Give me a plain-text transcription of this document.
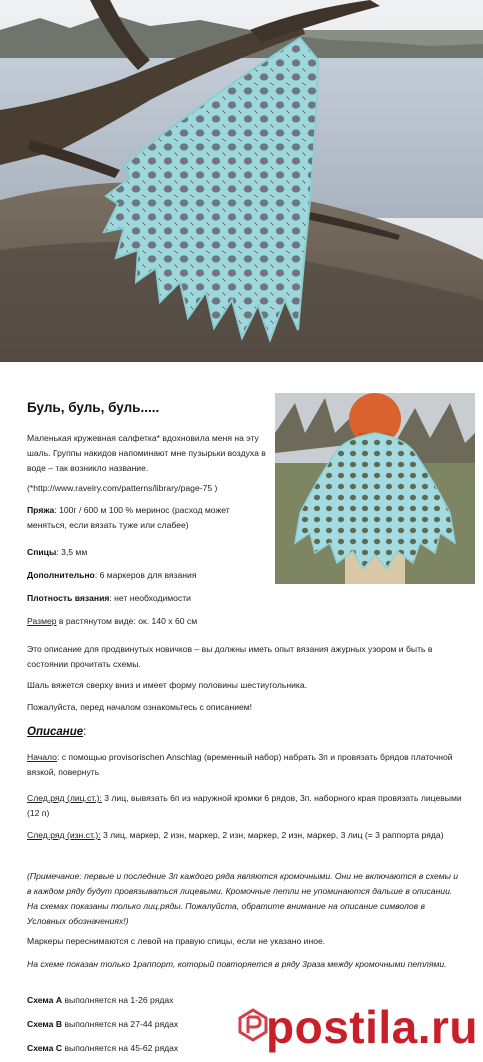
Буль, буль, буль.....

Маленькая кружевная салфетка* вдохновила меня на эту шаль. Группы накидов напоминают мне пузырьки воздуха в воде – так возникло название.

(*http://www.ravelry.com/patterns/library/page-75 )

Пряжа: 100г / 600 м 100 % меринос (расход может меняться, если вязать туже или слабее)

Спицы: 3,5 мм

Дополнительно: 6 маркеров для вязания

Плотность вязания: нет необходимости

Размер в растянутом виде: ок. 140 х 60 см

Это описание для продвинутых новичков – вы должны иметь опыт вязания ажурных узором и быть в состоянии прочитать схемы.

Шаль вяжется сверху вниз и имеет форму половины шестиугольника.

Пожалуйста, перед началом ознакомьтесь с описанием!

Описание:

Начало: с помощью provisorischen Anschlag (временный набор) набрать 3п и провязать брядов платочной вязкой, повернуть

След.ряд (лиц.ст.): 3 лиц, вывязать 6п из наружной кромки 6 рядов, 3п. наборного края провязать лицевыми (12 п)

След.ряд (изн.ст.): 3 лиц, маркер, 2 изн, маркер, 2 изн, маркер, 2 изн, маркер, 3 лиц (= 3 раппорта ряда)

(Примечание: первые и последние 3п каждого ряда являются кромочными. Они не включаются в схемы и в каждом ряду будут провязываться лицевыми. Кромочные петли не упоминаются дальше в описании. На схемах показаны только лиц.ряды. Пожалуйста, обратите внимание на описание символов в Условных обозначениях!)

Маркеры переснимаются с левой на правую спицы, если не указано иное.

На схеме показан только 1раппорт, который повторяется в ряду 3раза между кромочными петлями.

Схема А выполняется на 1-26 рядах

Схема В выполняется на 27-44 рядах

Схема С выполняется на 45-62 рядах postila.ru
